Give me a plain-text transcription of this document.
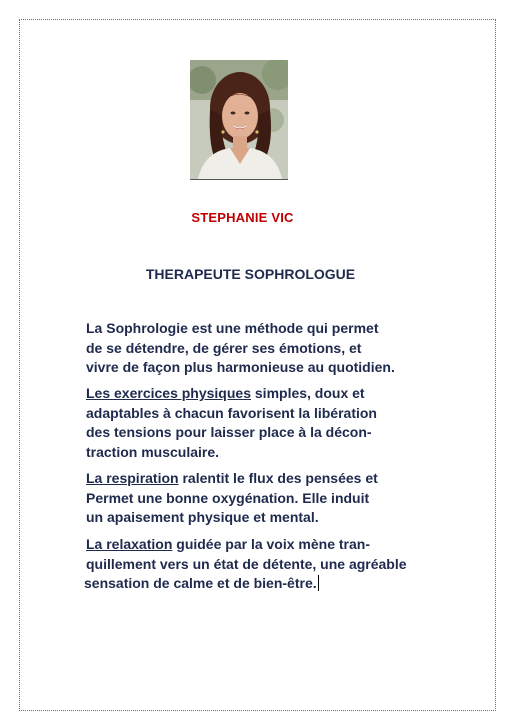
STEPHANIE VIC
THERAPEUTE SOPHROLOGUE
La Sophrologie est une méthode qui permet
de se détendre, de gérer ses émotions, et
vivre de façon plus harmonieuse au quotidien.
Les exercices physiques simples, doux et
adaptables à chacun favorisent la libération
des tensions pour laisser place à la décon-
traction musculaire.
La respiration ralentit le flux des pensées et
Permet une bonne oxygénation. Elle induit
un apaisement physique et mental.
La relaxation guidée par la voix mène tran-
quillement vers un état de détente, une agréable
sensation de calme et de bien-être.
